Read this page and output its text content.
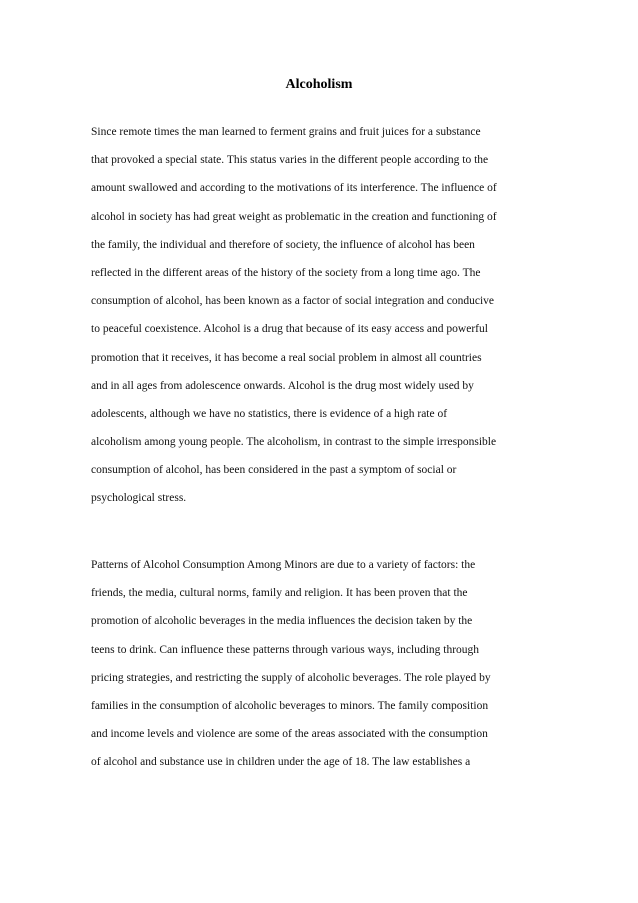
Alcoholism

Since remote times the man learned to ferment grains and fruit juices for a substance
that provoked a special state. This status varies in the different people according to the
amount swallowed and according to the motivations of its interference. The influence of
alcohol in society has had great weight as problematic in the creation and functioning of
the family, the individual and therefore of society, the influence of alcohol has been
reflected in the different areas of the history of the society from a long time ago. The
consumption of alcohol, has been known as a factor of social integration and conducive
to peaceful coexistence. Alcohol is a drug that because of its easy access and powerful
promotion that it receives, it has become a real social problem in almost all countries
and in all ages from adolescence onwards. Alcohol is the drug most widely used by
adolescents, although we have no statistics, there is evidence of a high rate of
alcoholism among young people. The alcoholism, in contrast to the simple irresponsible
consumption of alcohol, has been considered in the past a symptom of social or
psychological stress.

Patterns of Alcohol Consumption Among Minors are due to a variety of factors: the
friends, the media, cultural norms, family and religion. It has been proven that the
promotion of alcoholic beverages in the media influences the decision taken by the
teens to drink. Can influence these patterns through various ways, including through
pricing strategies, and restricting the supply of alcoholic beverages. The role played by
families in the consumption of alcoholic beverages to minors. The family composition
and income levels and violence are some of the areas associated with the consumption
of alcohol and substance use in children under the age of 18. The law establishes a
